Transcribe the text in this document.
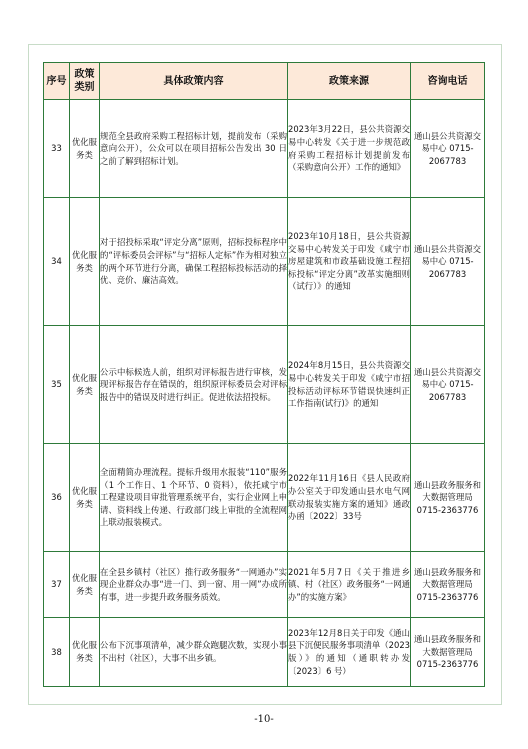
序号	政策类别	具体政策内容	政策来源	咨询电话
33	优化服务类	规范全县政府采购工程招标计划，提前发布（采购意向公开），公众可以在项目招标公告发出 30 日之前了解到招标计划。	2023年3月22日，县公共资源交易中心转发《关于进一步规范政府采购工程招标计划提前发布（采购意向公开）工作的通知》	通山县公共资源交易中心 0715-2067783
34	优化服务类	对于招投标采取“评定分离”原则，招标投标程序中的“评标委员会评标”与“招标人定标”作为相对独立的两个环节进行分离，确保工程招标投标活动的择优、竞价、廉洁高效。	2023年10月18日，县公共资源交易中心转发关于印发《咸宁市房屋建筑和市政基础设施工程招标投标“评定分离”改革实施细则（试行）》的通知	通山县公共资源交易中心 0715-2067783
35	优化服务类	公示中标候选人前，组织对评标报告进行审核，发现评标报告存在错误的，组织原评标委员会对评标报告中的错误及时进行纠正。促进依法招投标。	2024年8月15日，县公共资源交易中心转发关于印发《咸宁市招投标活动评标环节错误快速纠正工作指南(试行)》的通知	通山县公共资源交易中心 0715-2067783
36	优化服务类	全面精简办理流程。提标升级用水报装“110”服务（1 个工作日、1 个环节、0 资料），依托咸宁市工程建设项目审批管理系统平台，实行企业网上申请、资料线上传递、行政部门线上审批的全流程网上联动报装模式。	2022年11月16日《县人民政府办公室关于印发通山县水电气网联动报装实施方案的通知》通政办函〔2022〕33号	通山县政务服务和大数据管理局 0715-2363776
37	优化服务类	在全县乡镇村（社区）推行政务服务“一网通办”实现企业群众办事“进一门、到一窗、用一网”办成所有事，进一步提升政务服务质效。	2021年5月7日《关于推进乡镇、村（社区）政务服务“一网通办”的实施方案》	通山县政务服务和大数据管理局 0715-2363776
38	优化服务类	公布下沉事项清单，减少群众跑腿次数，实现小事不出村（社区），大事不出乡镇。	2023年12月8日关于印发《通山县下沉便民服务事项清单（2023版）》的通知（通职转办发〔2023〕6 号）	通山县政务服务和大数据管理局 0715-2363776
-10-
